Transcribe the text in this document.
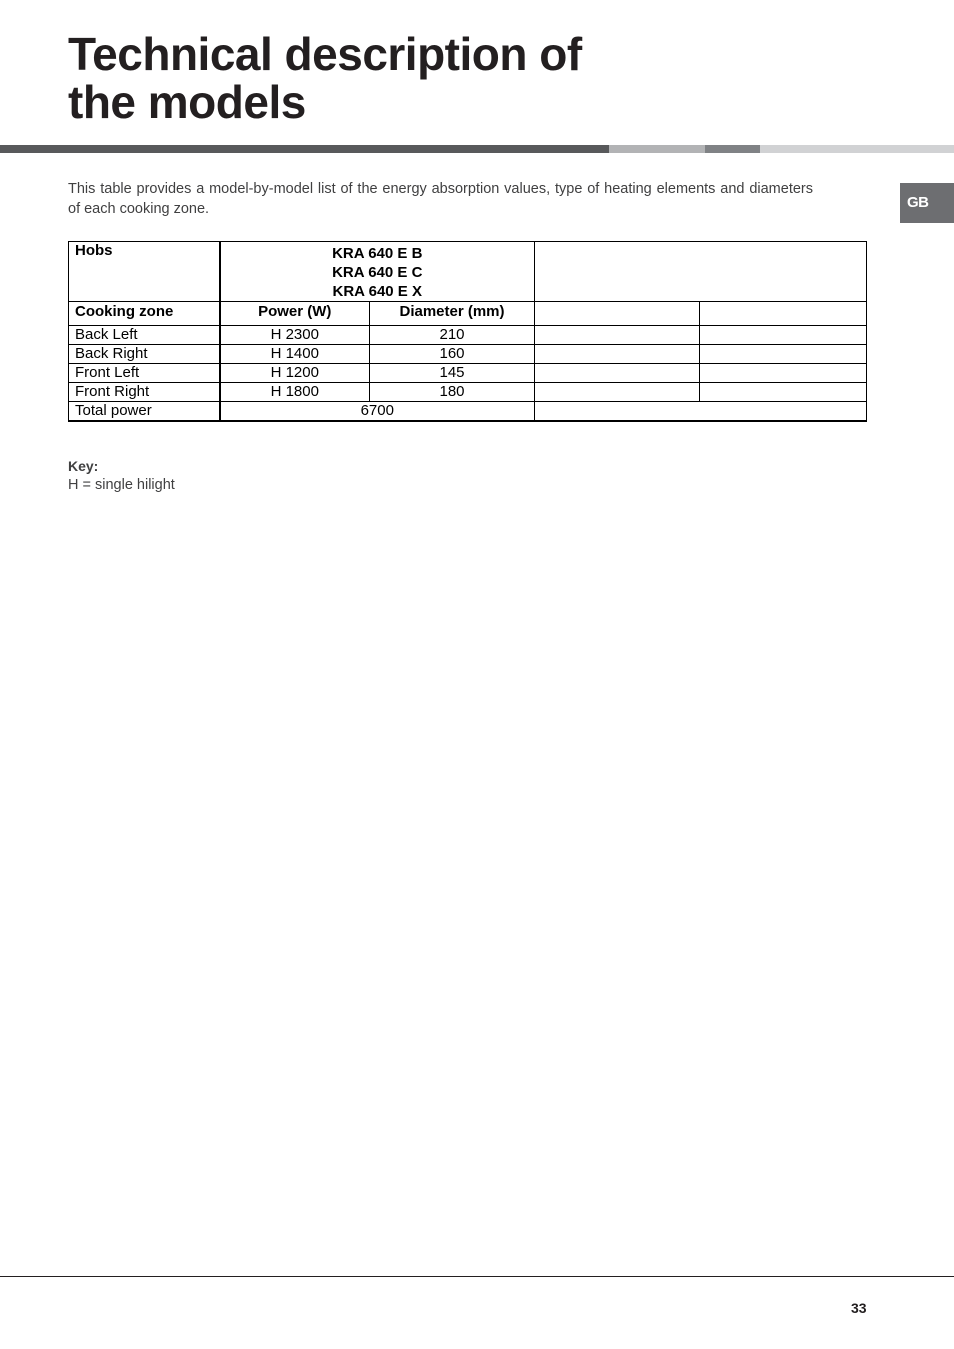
Technical description of
the models
GB

This table provides a model-by-model list of the energy absorption values, type of heating elements and diameters of each cooking zone.

Hobs	KRA 640 E B
KRA 640 E C
KRA 640 E X			

Cooking zone	Power (W)	Diameter (mm)		
Back Left	H 2300	210		
Back Right	H 1400	160		
Front Left	H 1200	145		
Front Right	H 1800	180		
Total power	6700			
Key:
H = single hilight
33
